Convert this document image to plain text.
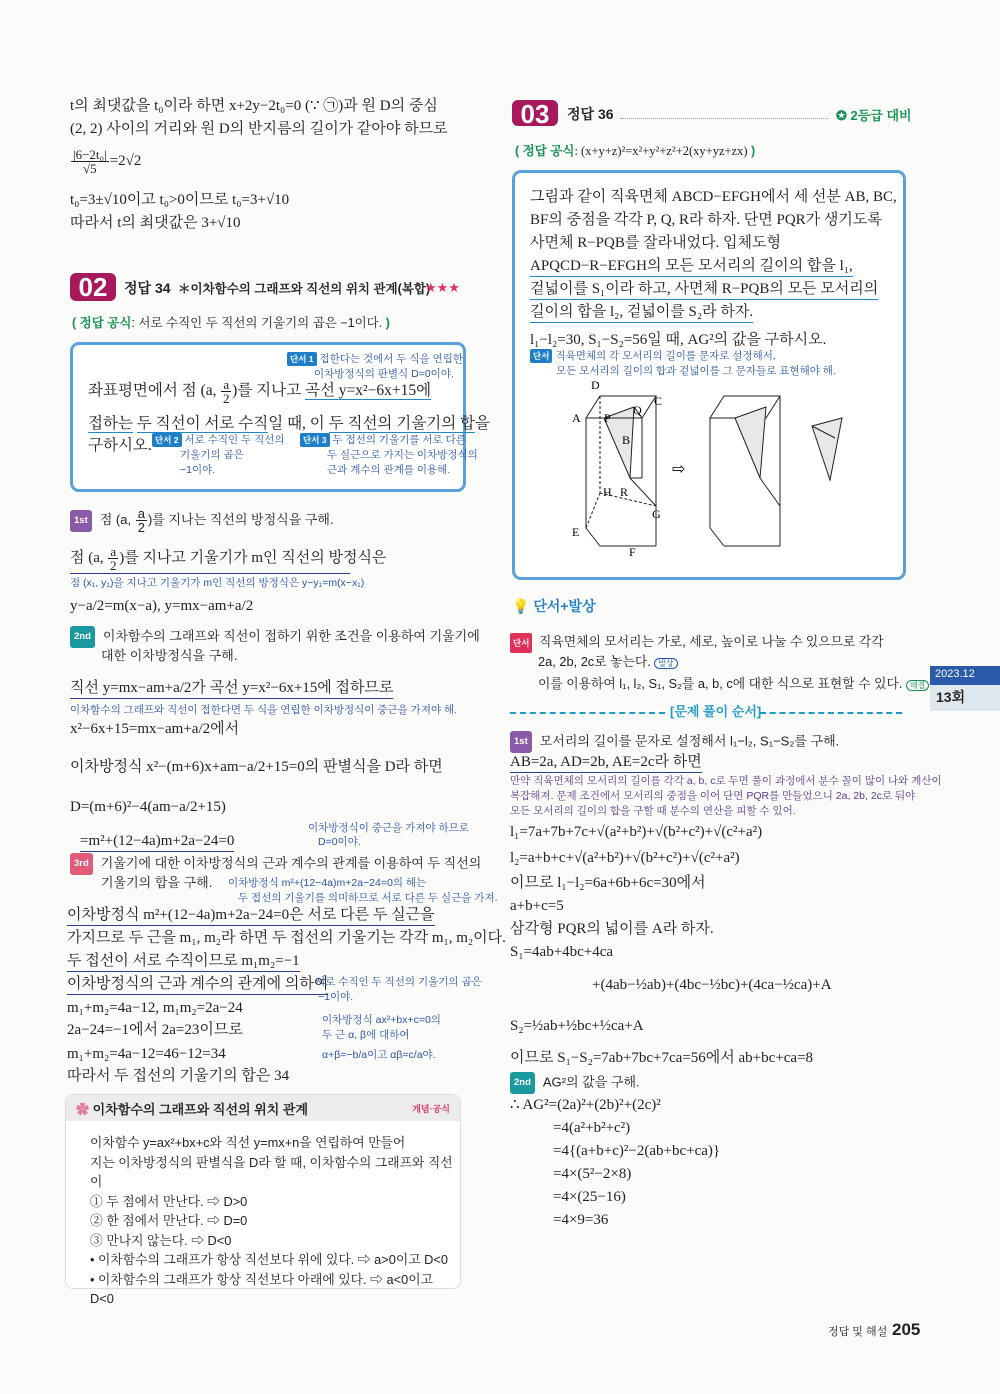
t의 최댓값을 t₀이라 하면 x+2y−2t₀=0 (∵ ㉠)과 원 D의 중심
(2, 2) 사이의 거리와 원 D의 반지름의 길이가 같아야 하므로
$\frac{\text{|6−2t₀|}}{√5} =2√2$
t₀=3±√10이고 t₀>0이므로 t₀=3+√10
따라서 t의 최댓값은 3+√10
02	정답 34 ＊이차함수의 그래프와 직선의 위치 관계(복합)
★★★
( 정답 공식: 서로 수직인 두 직선의 기울기의 곱은 −1이다. )
단서 1 접한다는 것에서 두 식을 연립한
이차방정식의 판별식 D=0이야.
좌표평면에서 점 (a, $\frac{a}{2}$ )를 지나고 곡선 y=x²−6x+15에
접하는 두 직선이 서로 수직일 때, 이 두 직선의 기울기의 합을
구하시오. 단서 2 서로 수직인 두 직선의
기울기의 곱은
−1이야.
단서 3 두 접선의 기울기를 서로 다른
두 실근으로 가지는 이차방정식의
근과 계수의 관계를 이용해.
1st 점 (a, $\frac{a}{2}$ )를 지나는 직선의 방정식을 구해.
점 (a, $\frac{a}{2}$ )를 지나고 기울기가 m인 직선의 방정식은
점 (x₁, y₁)을 지나고 기울기가 m인 직선의 방정식은 y−y₁=m(x−x₁)
y−a/2=m(x−a), y=mx−am+a/2
2nd 이차함수의 그래프와 직선이 접하기 위한 조건을 이용하여 기울기에
대한 이차방정식을 구해.
직선 y=mx−am+a/2가 곡선 y=x²−6x+15에 접하므로
이차함수의 그래프와 직선이 접한다면 두 식을 연립한 이차방정식이 중근을 가져야 해.
x²−6x+15=mx−am+a/2에서
이차방정식 x²−(m+6)x+am−a/2+15=0의 판별식을 D라 하면
D=(m+6)²−4(am−a/2+15)
=m²+(12−4a)m+2a−24=0
이차방정식이 중근을 가져야 하므로
D=0이야.
3rd 기울기에 대한 이차방정식의 근과 계수의 관계를 이용하여 두 직선의
기울기의 합을 구해. 이차방정식 m²+(12−4a)m+2a−24=0의 해는
두 접선의 기울기를 의미하므로 서로 다른 두 실근을 가져.
이차방정식 m²+(12−4a)m+2a−24=0은 서로 다른 두 실근을
가지므로 두 근을 m₁, m₂라 하면 두 접선의 기울기는 각각 m₁, m₂이다.
두 접선이 서로 수직이므로 m₁m₂=−1
이차방정식의 근과 계수의 관계에 의하여
m₁+m₂=4a−12, m₁m₂=2a−24
2a−24=−1에서 2a=23이므로
m₁+m₂=4a−12=46−12=34
따라서 두 접선의 기울기의 합은 34
서로 수직인 두 직선의 기울기의 곱은
−1이야.
이차방정식 ax²+bx+c=0의
두 근 α, β에 대하여
α+β=−b/a이고 αβ=c/a야.
✿ 이차함수의 그래프와 직선의 위치 관계	개념·공식
이차함수 y=ax²+bx+c와 직선 y=mx+n을 연립하여 만들어
지는 이차방정식의 판별식을 D라 할 때, 이차함수의 그래프와 직선이
① 두 점에서 만난다. ⇨ D>0
② 한 점에서 만난다. ⇨ D=0
③ 만나지 않는다. ⇨ D<0
• 이차함수의 그래프가 항상 직선보다 위에 있다. ⇨ a>0이고 D<0
• 이차함수의 그래프가 항상 직선보다 아래에 있다. ⇨ a<0이고 D<0
03	정답 36	✪ 2등급 대비
( 정답 공식: (x+y+z)²=x²+y²+z²+2(xy+yz+zx) )
그림과 같이 직육면체 ABCD−EFGH에서 세 선분 AB, BC,
BF의 중점을 각각 P, Q, R라 하자. 단면 PQR가 생기도록
사면체 R−PQB를 잘라내었다. 입체도형
APQCD−R−EFGH의 모든 모서리의 길이의 합을 l₁,
겉넓이를 S₁이라 하고, 사면체 R−PQB의 모든 모서리의
길이의 합을 l₂, 겉넓이를 S₂라 하자.
l₁−l₂=30, S₁−S₂=56일 때, AG²의 값을 구하시오.
단서 직육면체의 각 모서리의 길이를 문자로 설정해서,
모든 모서리의 길이의 합과 겉넓이를 그 문자들로 표현해야 해.
⇨
D
A P
Q
C
B
H R
G
E
F
💡 단서+발상
단서 직육면체의 모서리는 가로, 세로, 높이로 나눌 수 있으므로 각각
2a, 2b, 2c로 놓는다. 발상
이를 이용하여 l₁, l₂, S₁, S₂를 a, b, c에 대한 식으로 표현할 수 있다. 해결
[문제 풀이 순서]
1st 모서리의 길이를 문자로 설정해서 l₁−l₂, S₁−S₂를 구해.
AB=2a, AD=2b, AE=2c라 하면
만약 직육면체의 모서리의 길이를 각각 a, b, c로 두면 풀이 과정에서 분수 꼴이 많이 나와 계산이
복잡해져. 문제 조건에서 모서리의 중점을 이어 단면 PQR를 만들었으니 2a, 2b, 2c로 둬야
모든 모서리의 길이의 합을 구할 때 분수의 연산을 피할 수 있어.
l₁=7a+7b+7c+√(a²+b²)+√(b²+c²)+√(c²+a²)
l₂=a+b+c+√(a²+b²)+√(b²+c²)+√(c²+a²)
이므로 l₁−l₂=6a+6b+6c=30에서
a+b+c=5
삼각형 PQR의 넓이를 A라 하자.
S₁=4ab+4bc+4ca
+(4ab−½ab)+(4bc−½bc)+(4ca−½ca)+A
S₂=½ab+½bc+½ca+A
이므로 S₁−S₂=7ab+7bc+7ca=56에서 ab+bc+ca=8
2nd AG²의 값을 구해.
∴ AG²=(2a)²+(2b)²+(2c)²
=4(a²+b²+c²)
=4{(a+b+c)²−2(ab+bc+ca)}
=4×(5²−2×8)
=4×(25−16)
=4×9=36
2023.12
13회
정답 및 해설 205
